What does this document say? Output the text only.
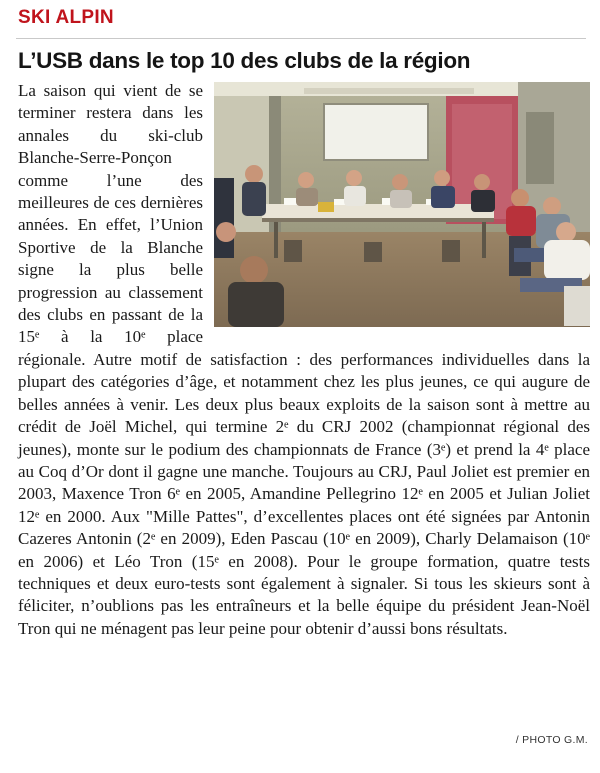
SKI ALPIN
L’USB dans le top 10 des clubs de la région
La saison qui vient de se terminer restera dans les annales du ski-club Blanche-Serre-Ponçon comme l’une des meilleures de ces dernières années. En effet, l’Union Sportive de la Blanche signe la plus belle progression au classement des clubs en passant de la 15ᵉ à la 10ᵉ place régionale. Autre motif de satisfaction : des performances individuelles dans la plupart des catégories d’âge, et notamment chez les plus jeunes, ce qui augure de belles années à venir. Les deux plus beaux exploits de la saison sont à mettre au crédit de Joël Michel, qui termine 2ᵉ du CRJ 2002 (championnat régional des jeunes), monte sur le podium des championnats de France (3ᵉ) et prend la 4ᵉ place au Coq d’Or dont il gagne une manche. Toujours au CRJ, Paul Joliet est premier en 2003, Maxence Tron 6ᵉ en 2005, Amandine Pellegrino 12ᵉ en 2005 et Julian Joliet 12ᵉ en 2000. Aux "Mille Pattes", d’excellentes places ont été signées par Antonin Cazeres Antonin (2ᵉ en 2009), Eden Pascau (10ᵉ en 2009), Charly Delamaison (10ᵉ en 2006) et Léo Tron (15ᵉ en 2008). Pour le groupe formation, quatre tests techniques et deux euro-tests sont également à signaler. Si tous les skieurs sont à féliciter, n’oublions pas les entraîneurs et la belle équipe du président Jean-Noël Tron qui ne ménagent pas leur peine pour obtenir d’aussi bons résultats.
/ PHOTO G.M.
